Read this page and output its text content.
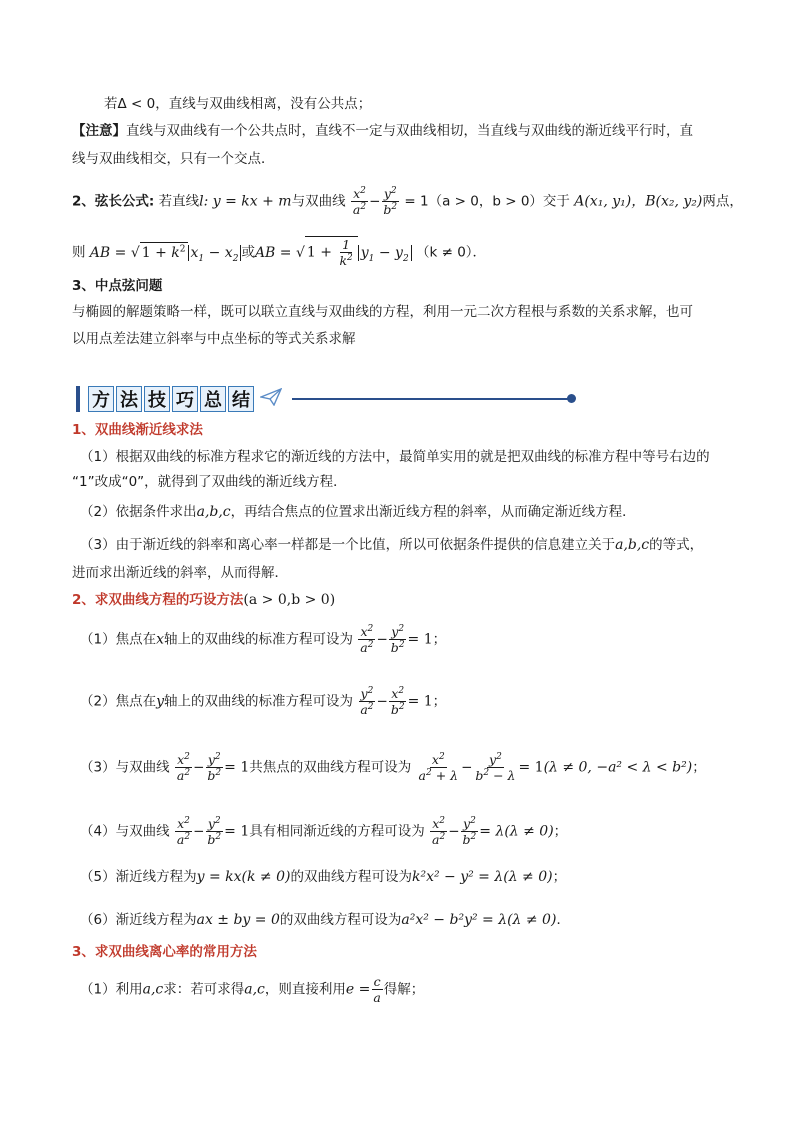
若Δ < 0，直线与双曲线相离，没有公共点；
【注意】直线与双曲线有一个公共点时，直线不一定与双曲线相切，当直线与双曲线的渐近线平行时，直
线与双曲线相交，只有一个交点．
2、弦长公式: 若直线l: y = kx + m与双曲线 $\frac{x^2}{a^2} - \frac{y^2}{b^2} = 1(a > 0$，b > 0）交于 A(x₁, y₁)，B(x₂, y₂)两点，
则 AB = √ $1 + k^2$ $x_1 - x_2$ 或AB = √ $1 + \frac{1}{k^2} y_1 - y_2$ （k ≠ 0）．
3、中点弦问题
与椭圆的解题策略一样，既可以联立直线与双曲线的方程，利用一元二次方程根与系数的关系求解，也可
以用点差法建立斜率与中点坐标的等式关系求解
方 法 技 巧 总 结
1、双曲线渐近线求法
（1）根据双曲线的标准方程求它的渐近线的方法中，最简单实用的就是把双曲线的标准方程中等号右边的
“1”改成“0”，就得到了双曲线的渐近线方程．
（2）依据条件求出a,b,c，再结合焦点的位置求出渐近线方程的斜率，从而确定渐近线方程．
（3）由于渐近线的斜率和离心率一样都是一个比值，所以可依据条件提供的信息建立关于a,b,c的等式，
进而求出渐近线的斜率，从而得解．
2、求双曲线方程的巧设方法(a > 0,b > 0)
（1）焦点在x轴上的双曲线的标准方程可设为 $\frac{x^2}{a^2} - \frac{y^2}{b^2} = 1$；
（2）焦点在y轴上的双曲线的标准方程可设为 $\frac{y^2}{a^2} - \frac{x^2}{b^2} = 1$；
（3）与双曲线 $\frac{x^2}{a^2} - \frac{y^2}{b^2} = 1$共焦点的双曲线方程可设为 $\frac{x^2}{a^2 + \lambda} - \frac{y^2}{b^2 - \lambda} = 1(\lambda \ne 0$, −a² < λ < b²)；
（4）与双曲线 $\frac{x^2}{a^2} - \frac{y^2}{b^2} = 1$具有相同渐近线的方程可设为 $\frac{x^2}{a^2} - \frac{y^2}{b^2} = \lambda(\lambda \ne 0)$；
（5）渐近线方程为y = kx(k ≠ 0)的双曲线方程可设为k²x² − y² = λ(λ ≠ 0)；
（6）渐近线方程为ax ± by = 0的双曲线方程可设为a²x² − b²y² = λ(λ ≠ 0)．
3、求双曲线离心率的常用方法
（1）利用a,c求：若可求得a,c，则直接利用$e = \frac{c}{a}$ 得解；
